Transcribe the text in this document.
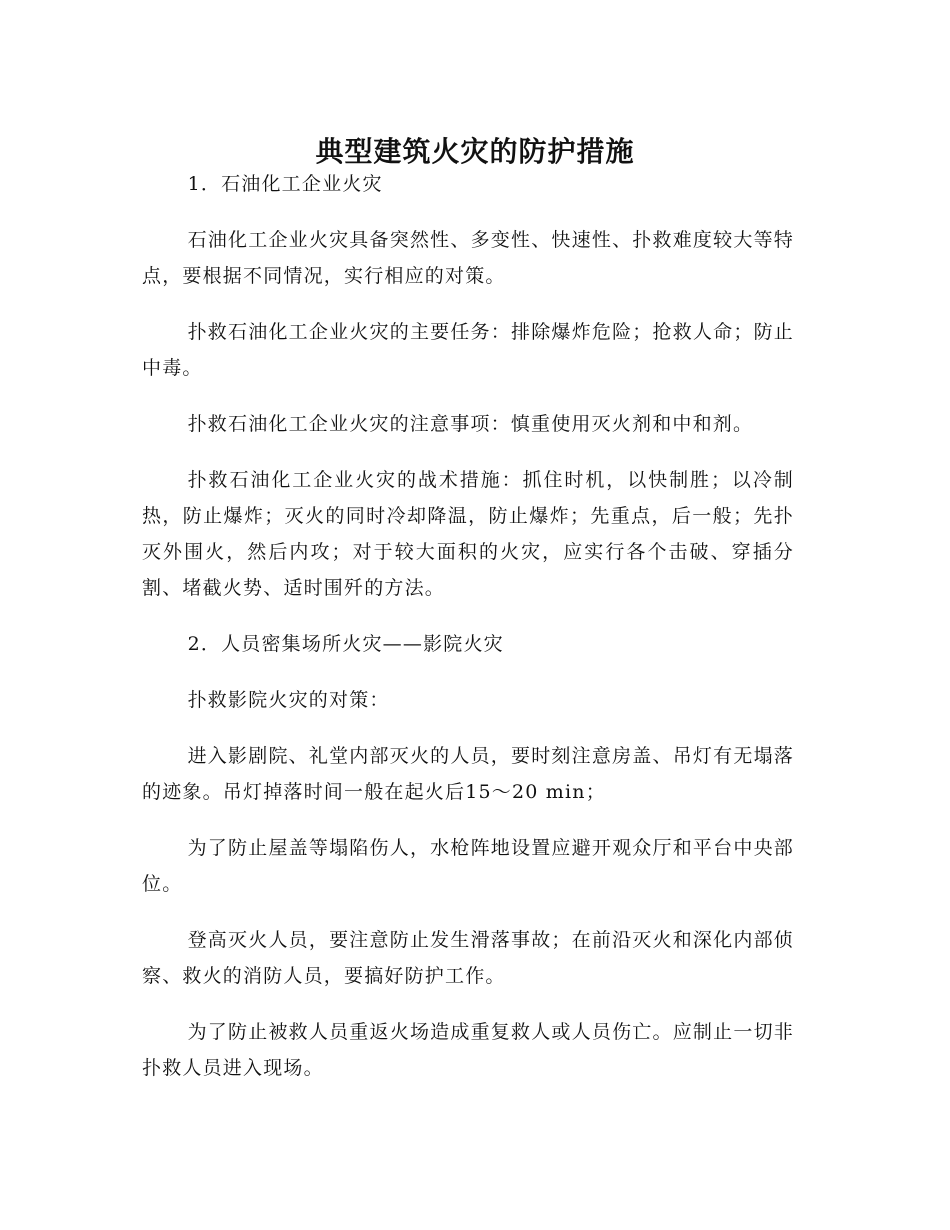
典型建筑火灾的防护措施

1．石油化工企业火灾

石油化工企业火灾具备突然性、多变性、快速性、扑救难度较大等特点，要根据不同情况，实行相应的对策。

扑救石油化工企业火灾的主要任务：排除爆炸危险；抢救人命；防止中毒。

扑救石油化工企业火灾的注意事项：慎重使用灭火剂和中和剂。

扑救石油化工企业火灾的战术措施：抓住时机，以快制胜；以冷制热，防止爆炸；灭火的同时冷却降温，防止爆炸；先重点，后一般；先扑灭外围火，然后内攻；对于较大面积的火灾，应实行各个击破、穿插分割、堵截火势、适时围歼的方法。

2．人员密集场所火灾——影院火灾

扑救影院火灾的对策：

进入影剧院、礼堂内部灭火的人员，要时刻注意房盖、吊灯有无塌落的迹象。吊灯掉落时间一般在起火后15～20 min；

为了防止屋盖等塌陷伤人，水枪阵地设置应避开观众厅和平台中央部位。

登高灭火人员，要注意防止发生滑落事故；在前沿灭火和深化内部侦察、救火的消防人员，要搞好防护工作。

为了防止被救人员重返火场造成重复救人或人员伤亡。应制止一切非扑救人员进入现场。
